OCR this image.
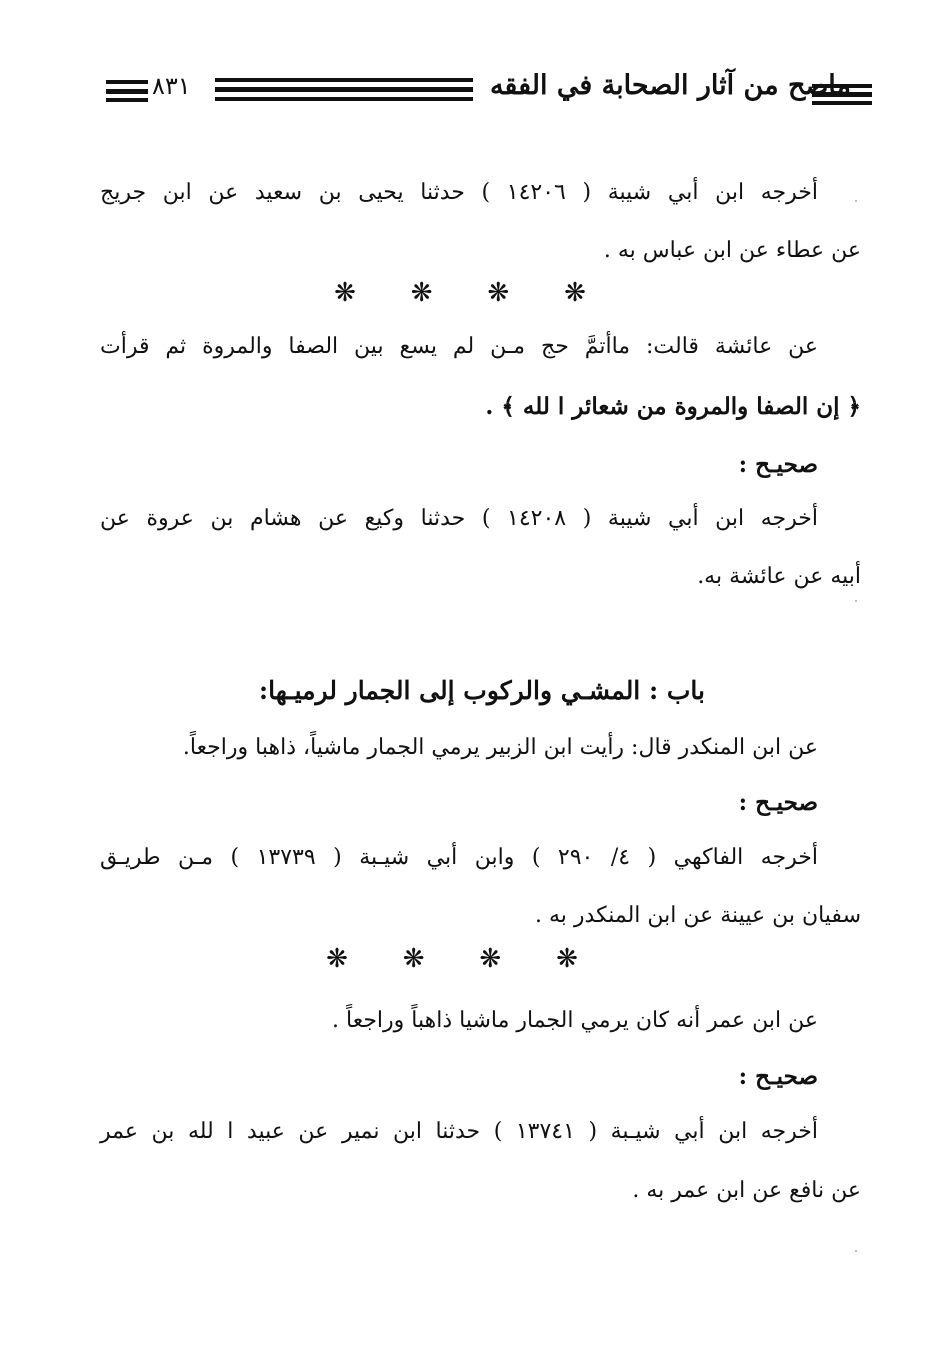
ماصح من آثار الصحابة في الفقه
٨٣١
أخرجه ابن أبي شيبة ( ١٤٢٠٦ ) حدثنا يحيى بن سعيد عن ابن جريج
عن عطاء عن ابن عباس به .
❋ ❋ ❋ ❋
عن عائشة قالت: ماأتمَّ حج مـن لم يسع بين الصفا والمروة ثم قرأت
﴿ إن الصفا والمروة من شعائر ا لله ﴾ .
صحيـح :
أخرجه ابن أبي شيبة ( ١٤٢٠٨ ) حدثنا وكيع عن هشام بن عروة عن
أبيه عن عائشة به.
باب : المشـي والركوب إلى الجمار لرميـها:
عن ابن المنكدر قال: رأيت ابن الزبير يرمي الجمار ماشياً، ذاهبا وراجعاً.
صحيـح :
أخرجه الفاكهي ( ٤/ ٢٩٠ ) وابن أبي شيـبة ( ١٣٧٣٩ ) مـن طريـق
سفيان بن عيينة عن ابن المنكدر به .
❋ ❋ ❋ ❋
عن ابن عمر أنه كان يرمي الجمار ماشيا ذاهباً وراجعاً .
صحيـح :
أخرجه ابن أبي شيـبة ( ١٣٧٤١ ) حدثنا ابن نمير عن عبيد ا لله بن عمر
عن نافع عن ابن عمر به .
